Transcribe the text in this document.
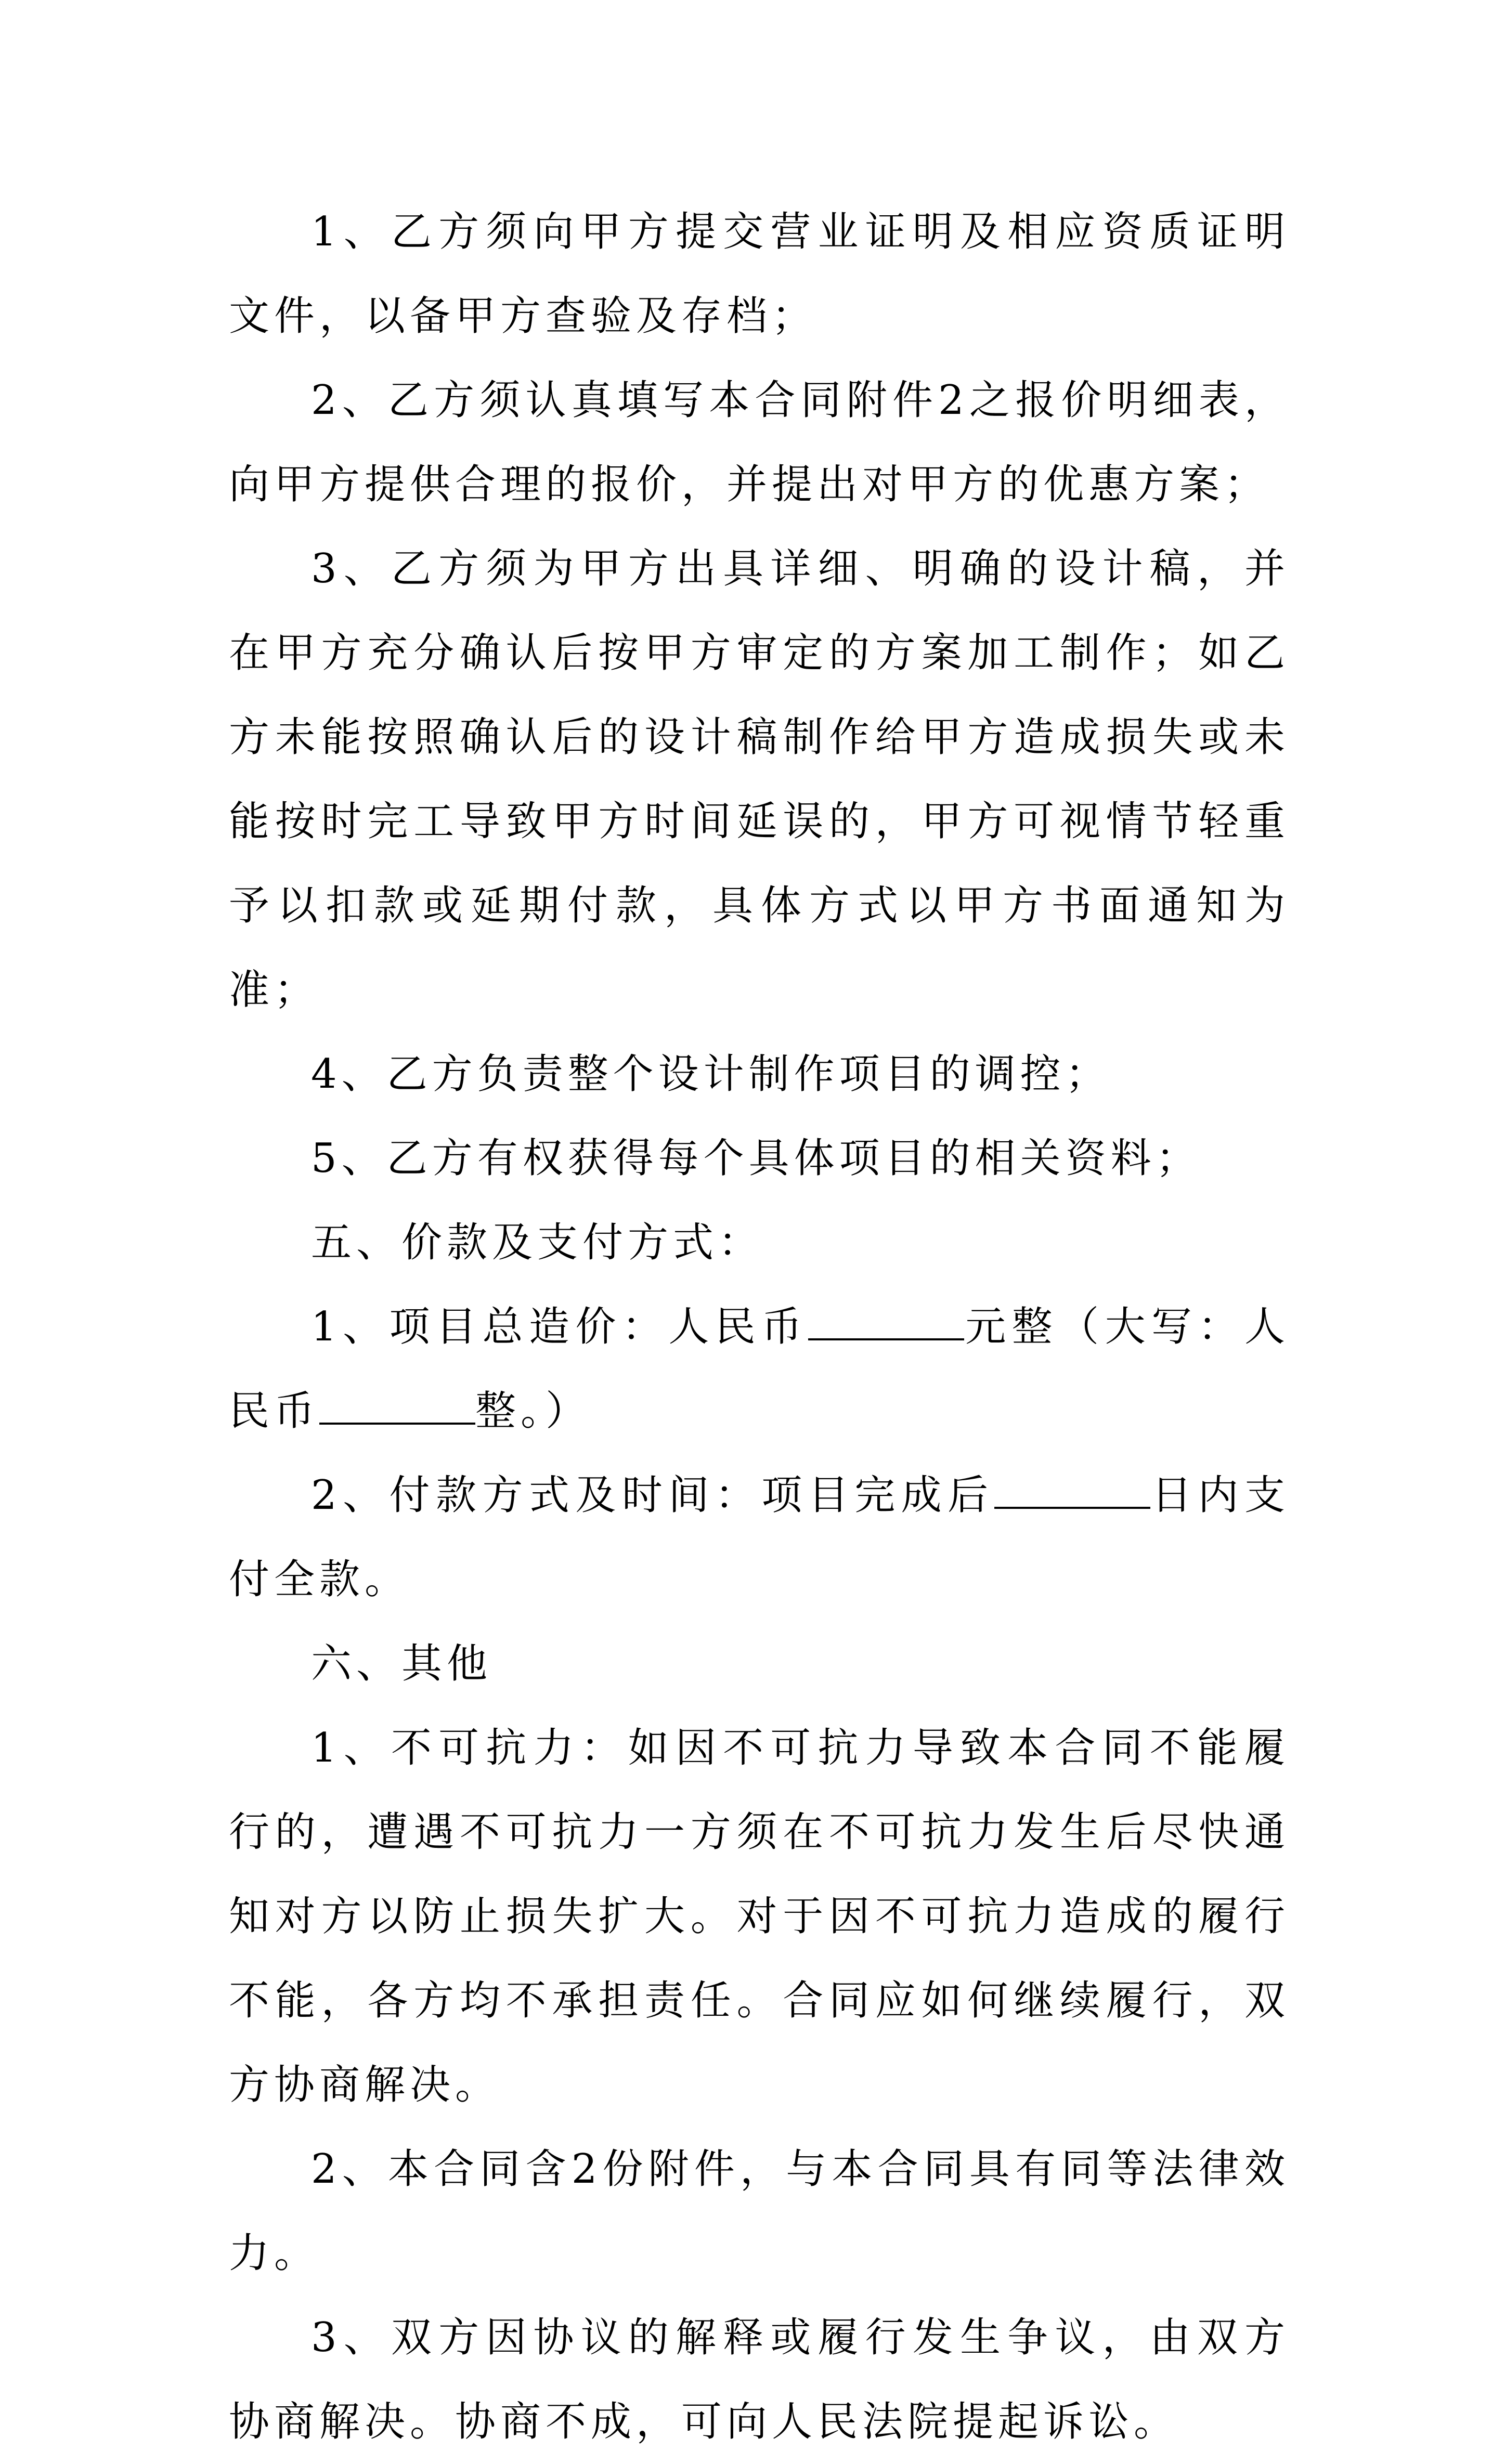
1、乙方须向甲方提交营业证明及相应资质证明文件，以备甲方查验及存档；

2、乙方须认真填写本合同附件2之报价明细表，向甲方提供合理的报价，并提出对甲方的优惠方案；

3、乙方须为甲方出具详细、明确的设计稿，并在甲方充分确认后按甲方审定的方案加工制作；如乙方未能按照确认后的设计稿制作给甲方造成损失或未能按时完工导致甲方时间延误的，甲方可视情节轻重予以扣款或延期付款，具体方式以甲方书面通知为准；

4、乙方负责整个设计制作项目的调控；

5、乙方有权获得每个具体项目的相关资料；

五、价款及支付方式：

1、项目总造价：人民币	元整（大写：人民币	整。）

2、付款方式及时间：项目完成后	日内支付全款。

六、其他

1、不可抗力：如因不可抗力导致本合同不能履行的，遭遇不可抗力一方须在不可抗力发生后尽快通知对方以防止损失扩大。对于因不可抗力造成的履行不能，各方均不承担责任。合同应如何继续履行，双方协商解决。

2、本合同含2份附件，与本合同具有同等法律效力。

3、双方因协议的解释或履行发生争议，由双方协商解决。协商不成，可向人民法院提起诉讼。
